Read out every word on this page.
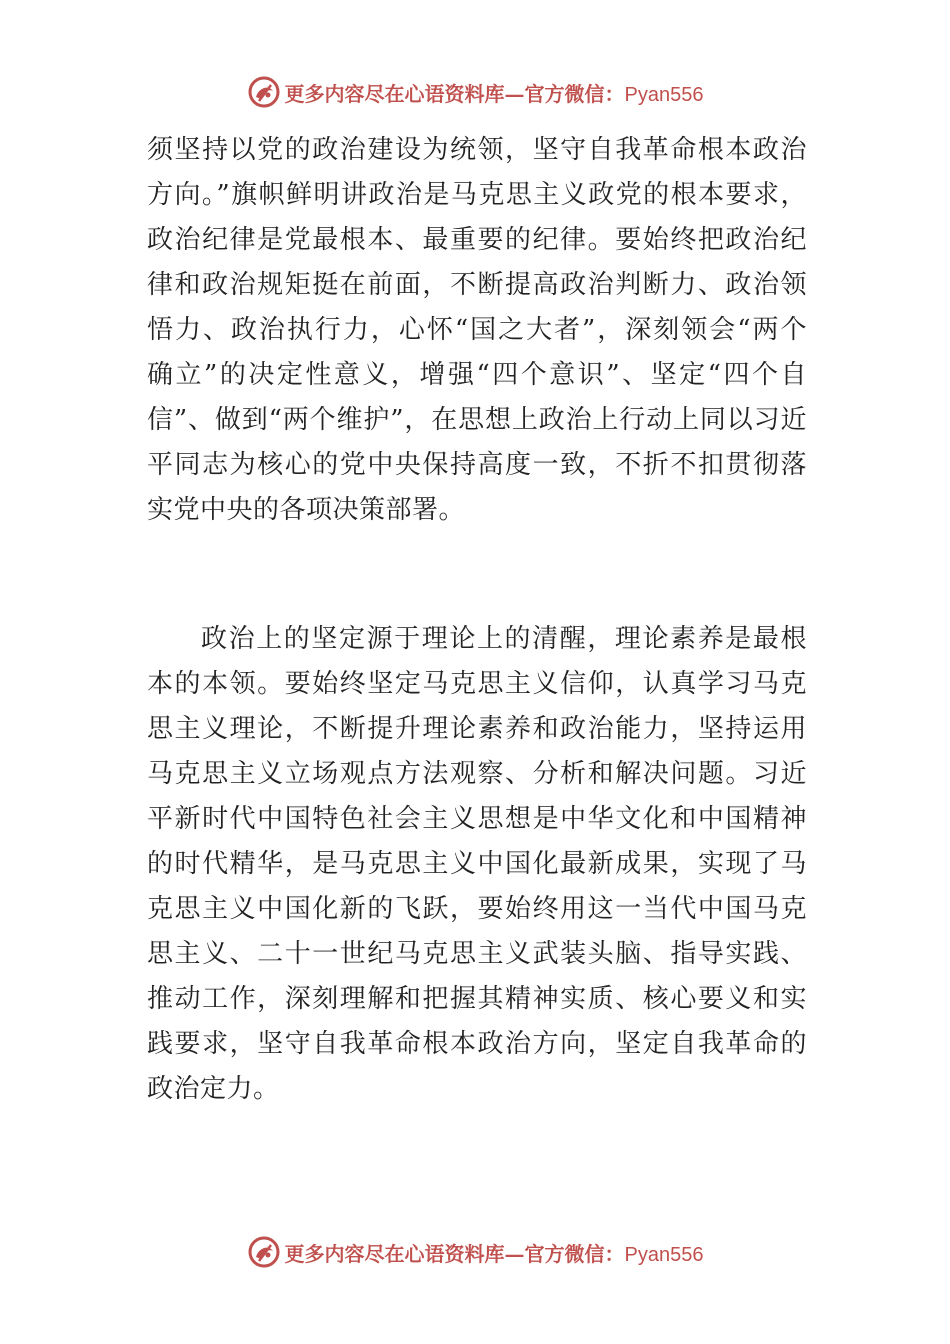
更多内容尽在心语资料库—官方微信：Pyan556
须坚持以党的政治建设为统领，坚守自我革命根本政治
方向。”旗帜鲜明讲政治是马克思主义政党的根本要求，
政治纪律是党最根本、最重要的纪律。要始终把政治纪
律和政治规矩挺在前面，不断提高政治判断力、政治领
悟力、政治执行力，心怀“国之大者”，深刻领会“两个
确立”的决定性意义，增强“四个意识”、坚定“四个自
信”、做到“两个维护”，在思想上政治上行动上同以习近
平同志为核心的党中央保持高度一致，不折不扣贯彻落
实党中央的各项决策部署。
政治上的坚定源于理论上的清醒，理论素养是最根
本的本领。要始终坚定马克思主义信仰，认真学习马克
思主义理论，不断提升理论素养和政治能力，坚持运用
马克思主义立场观点方法观察、分析和解决问题。习近
平新时代中国特色社会主义思想是中华文化和中国精神
的时代精华，是马克思主义中国化最新成果，实现了马
克思主义中国化新的飞跃，要始终用这一当代中国马克
思主义、二十一世纪马克思主义武装头脑、指导实践、
推动工作，深刻理解和把握其精神实质、核心要义和实
践要求，坚守自我革命根本政治方向，坚定自我革命的
政治定力。
更多内容尽在心语资料库—官方微信：Pyan556
